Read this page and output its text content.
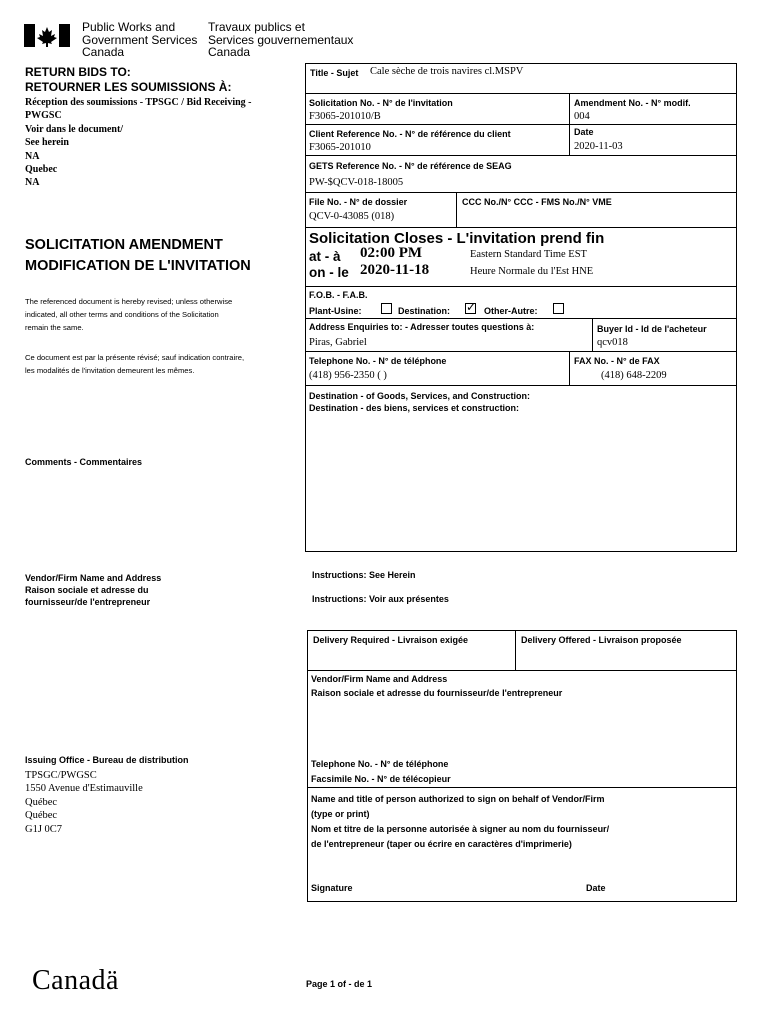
Public Works and
Government Services
Canada
Travaux publics et
Services gouvernementaux
Canada
RETURN BIDS TO:
RETOURNER LES SOUMISSIONS À:
Réception des soumissions - TPSGC / Bid Receiving -
PWGSC
Voir dans le document/
See herein
NA
Quebec
NA
SOLICITATION AMENDMENT
MODIFICATION DE L'INVITATION
The referenced document is hereby revised; unless otherwise
indicated, all other terms and conditions of the Solicitation
remain the same.
Ce document est par la présente révisé; sauf indication contraire,
les modalités de l'invitation demeurent les mêmes.
Comments - Commentaires
Vendor/Firm Name and Address
Raison sociale et adresse du
fournisseur/de l'entrepreneur
Issuing Office - Bureau de distribution
TPSGC/PWGSC
1550 Avenue d'Estimauville
Québec
Québec
G1J 0C7
Title - Sujet Cale sèche de trois navires cl.MSPV
Solicitation No. - N° de l'invitation
F3065-201010/B
Amendment No. - N° modif.
004
Client Reference No. - N° de référence du client
F3065-201010
Date
2020-11-03
GETS Reference No. - N° de référence de SEAG
PW-$QCV-018-18005
File No. - N° de dossier
QCV-0-43085 (018)
CCC No./N° CCC - FMS No./N° VME
Solicitation Closes - L'invitation prend fin
at - à 02:00 PM
on - le 2020-11-18
Eastern Standard Time EST
Heure Normale du l'Est HNE
F.O.B. - F.A.B.
Plant-Usine:	Destination: ✓ Other-Autre:
Address Enquiries to: - Adresser toutes questions à:
Piras, Gabriel
Buyer Id - Id de l'acheteur
qcv018
Telephone No. - N° de téléphone
(418) 956-2350 ( )
FAX No. - N° de FAX
(418) 648-2209
Destination - of Goods, Services, and Construction:
Destination - des biens, services et construction:
Instructions: See Herein
Instructions: Voir aux présentes
Delivery Required - Livraison exigée	Delivery Offered - Livraison proposée
Vendor/Firm Name and Address
Raison sociale et adresse du fournisseur/de l'entrepreneur
Telephone No. - N° de téléphone
Facsimile No. - N° de télécopieur
Name and title of person authorized to sign on behalf of Vendor/Firm
(type or print)
Nom et titre de la personne autorisée à signer au nom du fournisseur/
de l'entrepreneur (taper ou écrire en caractères d'imprimerie)
Signature	Date
Canadä	Page 1 of - de 1
